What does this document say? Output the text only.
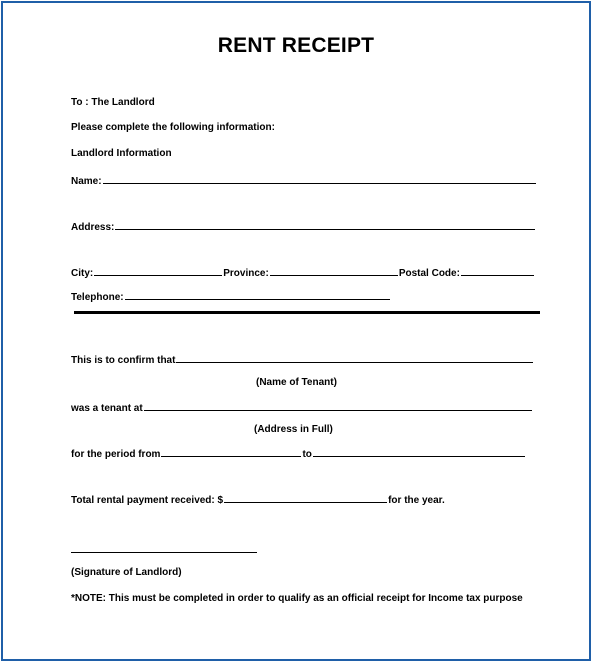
RENT RECEIPT
To : The Landlord
Please complete the following information:
Landlord Information
Name:
Address:
City:	Province:	Postal Code:
Telephone:
This is to confirm that
(Name of Tenant)
was a tenant at
(Address in Full)
for the period from	to
Total rental payment received: $	for the year.
(Signature of Landlord)
*NOTE: This must be completed in order to qualify as an official receipt for Income tax purpose
